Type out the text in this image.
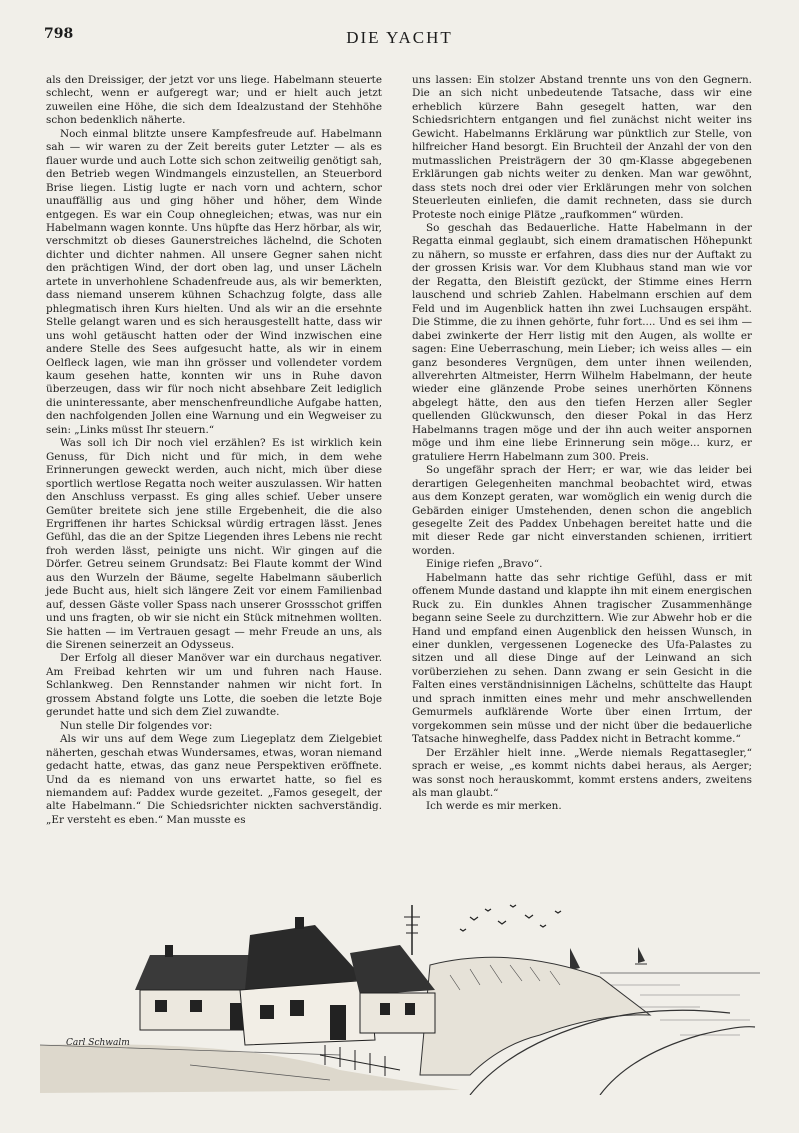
798	DIE YACHT

als den Dreissiger, der jetzt vor uns liege. Habelmann steuerte schlecht, wenn er aufgeregt war; und er hielt auch jetzt zuweilen eine Höhe, die sich dem Idealzustand der Stehhöhe schon bedenklich näherte.

Noch einmal blitzte unsere Kampfesfreude auf. Habelmann sah — wir waren zu der Zeit bereits guter Letzter — als es flauer wurde und auch Lotte sich schon zeitweilig genötigt sah, den Betrieb wegen Windmangels einzustellen, an Steuerbord Brise liegen. Listig lugte er nach vorn und achtern, schor unauffällig aus und ging höher und höher, dem Winde entgegen. Es war ein Coup ohnegleichen; etwas, was nur ein Habelmann wagen konnte. Uns hüpfte das Herz hörbar, als wir, verschmitzt ob dieses Gaunerstreiches lächelnd, die Schoten dichter und dichter nahmen. All unsere Gegner sahen nicht den prächtigen Wind, der dort oben lag, und unser Lächeln artete in unverhohlene Schadenfreude aus, als wir bemerkten, dass niemand unserem kühnen Schachzug folgte, dass alle phlegmatisch ihren Kurs hielten. Und als wir an die ersehnte Stelle gelangt waren und es sich herausgestellt hatte, dass wir uns wohl getäuscht hatten oder der Wind inzwischen eine andere Stelle des Sees aufgesucht hatte, als wir in einem Oelfleck lagen, wie man ihn grösser und vollendeter vordem kaum gesehen hatte, konnten wir uns in Ruhe davon überzeugen, dass wir für noch nicht absehbare Zeit lediglich die uninteressante, aber menschenfreundliche Aufgabe hatten, den nachfolgenden Jollen eine Warnung und ein Wegweiser zu sein: „Links müsst Ihr steuern.“

Was soll ich Dir noch viel erzählen? Es ist wirklich kein Genuss, für Dich nicht und für mich, in dem wehe Erinnerungen geweckt werden, auch nicht, mich über diese sportlich wertlose Regatta noch weiter auszulassen. Wir hatten den Anschluss verpasst. Es ging alles schief. Ueber unsere Gemüter breitete sich jene stille Ergebenheit, die die also Ergriffenen ihr hartes Schicksal würdig ertragen lässt. Jenes Gefühl, das die an der Spitze Liegenden ihres Lebens nie recht froh werden lässt, peinigte uns nicht. Wir gingen auf die Dörfer. Getreu seinem Grundsatz: Bei Flaute kommt der Wind aus den Wurzeln der Bäume, segelte Habelmann säuberlich jede Bucht aus, hielt sich längere Zeit vor einem Familienbad auf, dessen Gäste voller Spass nach unserer Grossschot griffen und uns fragten, ob wir sie nicht ein Stück mitnehmen wollten. Sie hatten — im Vertrauen gesagt — mehr Freude an uns, als die Sirenen seinerzeit an Odysseus.

Der Erfolg all dieser Manöver war ein durchaus negativer. Am Freibad kehrten wir um und fuhren nach Hause. Schlankweg. Den Rennstander nahmen wir nicht fort. In grossem Abstand folgte uns Lotte, die soeben die letzte Boje gerundet hatte und sich dem Ziel zuwandte.

Nun stelle Dir folgendes vor:

Als wir uns auf dem Wege zum Liegeplatz dem Zielgebiet näherten, geschah etwas Wundersames, etwas, woran niemand gedacht hatte, etwas, das ganz neue Perspektiven eröffnete. Und da es niemand von uns erwartet hatte, so fiel es niemandem auf: Paddex wurde gezeitet. „Famos gesegelt, der alte Habelmann.“ Die Schiedsrichter nickten sachverständig. „Er versteht es eben.“ Man musste es

uns lassen: Ein stolzer Abstand trennte uns von den Gegnern. Die an sich nicht unbedeutende Tatsache, dass wir eine erheblich kürzere Bahn gesegelt hatten, war den Schiedsrichtern entgangen und fiel zunächst nicht weiter ins Gewicht. Habelmanns Erklärung war pünktlich zur Stelle, von hilfreicher Hand besorgt. Ein Bruchteil der Anzahl der von den mutmasslichen Preisträgern der 30 qm-Klasse abgegebenen Erklärungen gab nichts weiter zu denken. Man war gewöhnt, dass stets noch drei oder vier Erklärungen mehr von solchen Steuerleuten einliefen, die damit rechneten, dass sie durch Proteste noch einige Plätze „raufkommen“ würden.

So geschah das Bedauerliche. Hatte Habelmann in der Regatta einmal geglaubt, sich einem dramatischen Höhepunkt zu nähern, so musste er erfahren, dass dies nur der Auftakt zu der grossen Krisis war. Vor dem Klubhaus stand man wie vor der Regatta, den Bleistift gezückt, der Stimme eines Herrn lauschend und schrieb Zahlen. Habelmann erschien auf dem Feld und im Augenblick hatten ihn zwei Luchsaugen erspäht. Die Stimme, die zu ihnen gehörte, fuhr fort.... Und es sei ihm — dabei zwinkerte der Herr listig mit den Augen, als wollte er sagen: Eine Ueberraschung, mein Lieber; ich weiss alles — ein ganz besonderes Vergnügen, dem unter ihnen weilenden, allverehrten Altmeister, Herrn Wilhelm Habelmann, der heute wieder eine glänzende Probe seines unerhörten Könnens abgelegt hätte, den aus den tiefen Herzen aller Segler quellenden Glückwunsch, den dieser Pokal in das Herz Habelmanns tragen möge und der ihn auch weiter anspornen möge und ihm eine liebe Erinnerung sein möge... kurz, er gratuliere Herrn Habelmann zum 300. Preis.

So ungefähr sprach der Herr; er war, wie das leider bei derartigen Gelegenheiten manchmal beobachtet wird, etwas aus dem Konzept geraten, war womöglich ein wenig durch die Gebärden einiger Umstehenden, denen schon die angeblich gesegelte Zeit des Paddex Unbehagen bereitet hatte und die mit dieser Rede gar nicht einverstanden schienen, irritiert worden.

Einige riefen „Bravo“.

Habelmann hatte das sehr richtige Gefühl, dass er mit offenem Munde dastand und klappte ihn mit einem energischen Ruck zu. Ein dunkles Ahnen tragischer Zusammenhänge begann seine Seele zu durchzittern. Wie zur Abwehr hob er die Hand und empfand einen Augenblick den heissen Wunsch, in einer dunklen, vergessenen Logenecke des Ufa-Palastes zu sitzen und all diese Dinge auf der Leinwand an sich vorüberziehen zu sehen. Dann zwang er sein Gesicht in die Falten eines verständnisinnigen Lächelns, schüttelte das Haupt und sprach inmitten eines mehr und mehr anschwellenden Gemurmels aufklärende Worte über einen Irrtum, der vorgekommen sein müsse und der nicht über die bedauerliche Tatsache hinweghelfe, dass Paddex nicht in Betracht komme.“

Der Erzähler hielt inne. „Werde niemals Regattasegler,“ sprach er weise, „es kommt nichts dabei heraus, als Aerger; was sonst noch herauskommt, kommt erstens anders, zweitens als man glaubt.“

Ich werde es mir merken.

Carl Schwalm
